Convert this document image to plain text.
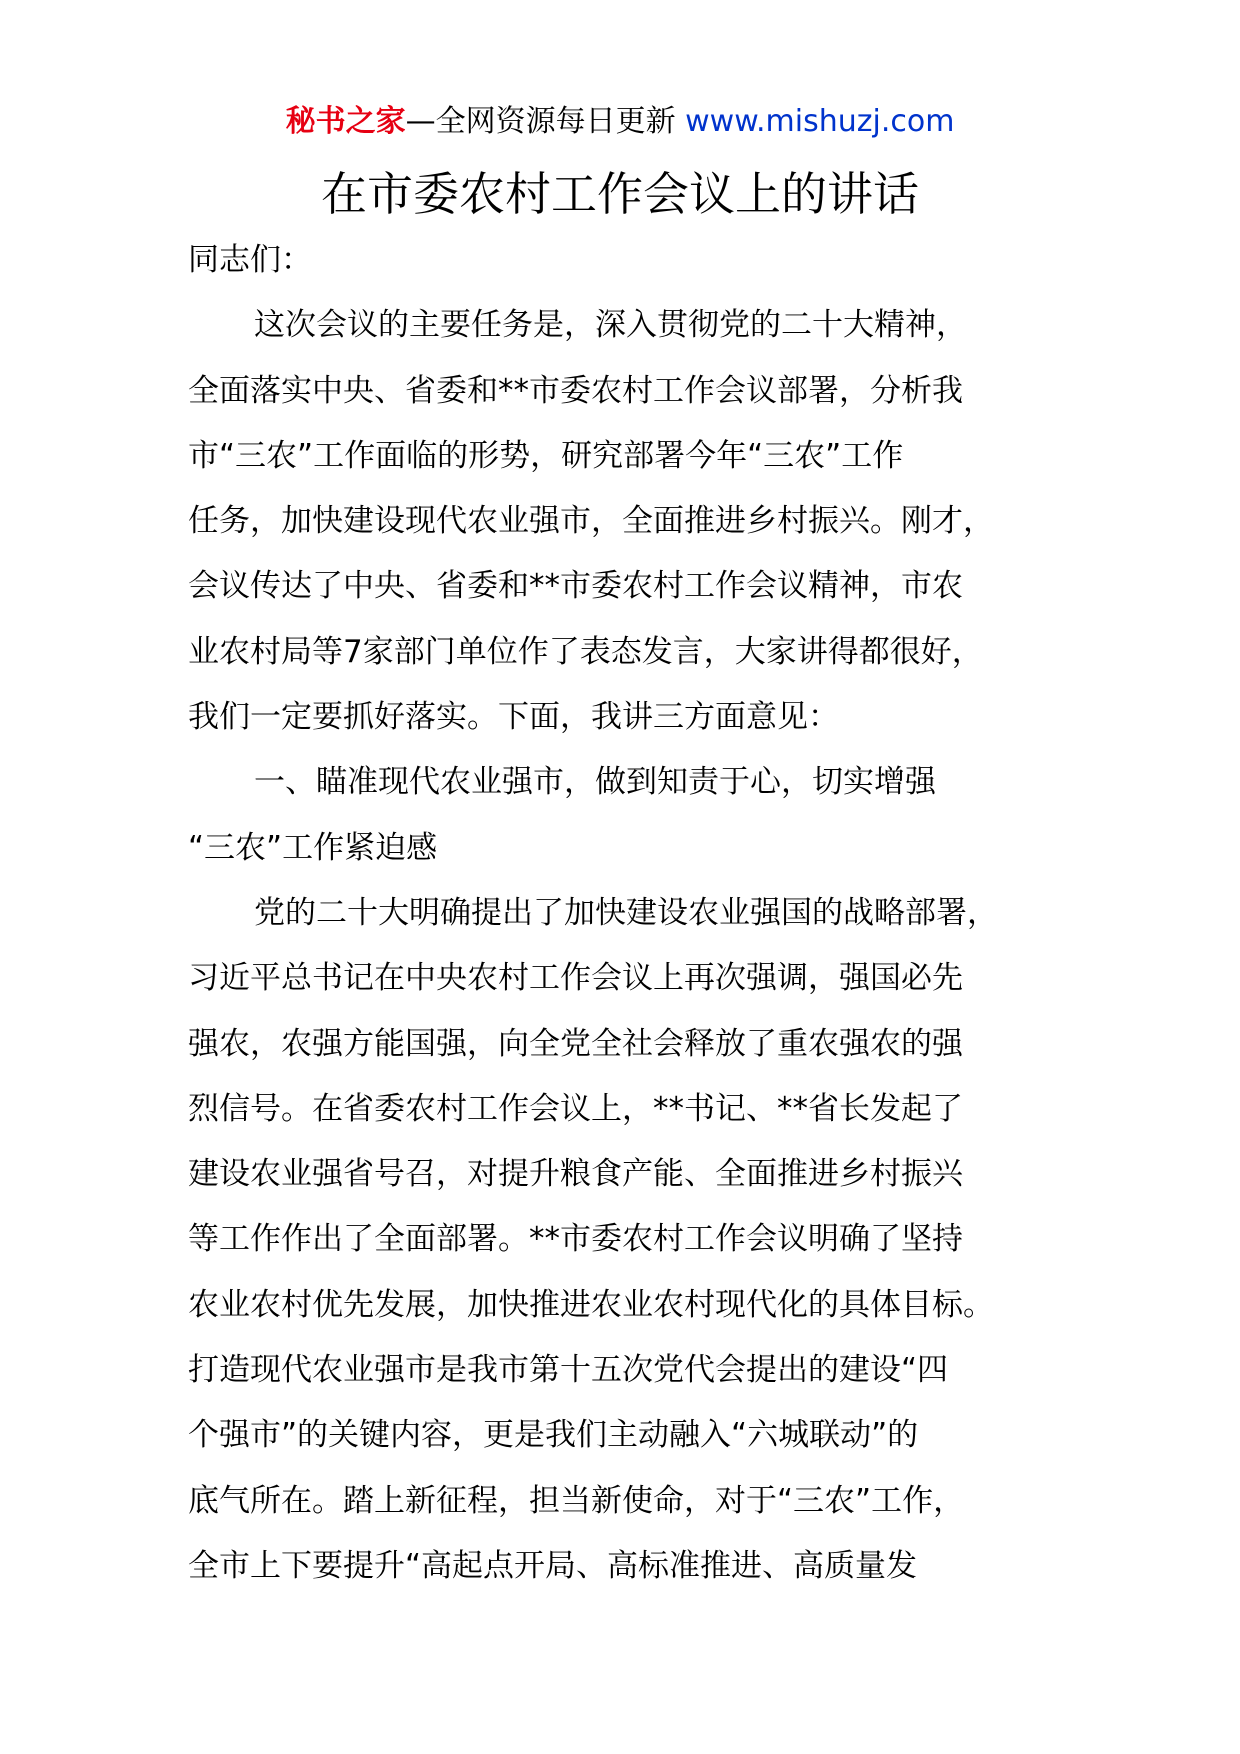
秘书之家—全网资源每日更新 www.mishuzj.com
在市委农村工作会议上的讲话
同志们：
这次会议的主要任务是，深入贯彻党的二十大精神，
全面落实中央、省委和**市委农村工作会议部署，分析我
市“三农”工作面临的形势，研究部署今年“三农”工作
任务，加快建设现代农业强市，全面推进乡村振兴。刚才，
会议传达了中央、省委和**市委农村工作会议精神，市农
业农村局等7家部门单位作了表态发言，大家讲得都很好，
我们一定要抓好落实。下面，我讲三方面意见：
一、瞄准现代农业强市，做到知责于心，切实增强
“三农”工作紧迫感
党的二十大明确提出了加快建设农业强国的战略部署，
习近平总书记在中央农村工作会议上再次强调，强国必先
强农，农强方能国强，向全党全社会释放了重农强农的强
烈信号。在省委农村工作会议上，**书记、**省长发起了
建设农业强省号召，对提升粮食产能、全面推进乡村振兴
等工作作出了全面部署。**市委农村工作会议明确了坚持
农业农村优先发展，加快推进农业农村现代化的具体目标。
打造现代农业强市是我市第十五次党代会提出的建设“四
个强市”的关键内容，更是我们主动融入“六城联动”的
底气所在。踏上新征程，担当新使命，对于“三农”工作，
全市上下要提升“高起点开局、高标准推进、高质量发
